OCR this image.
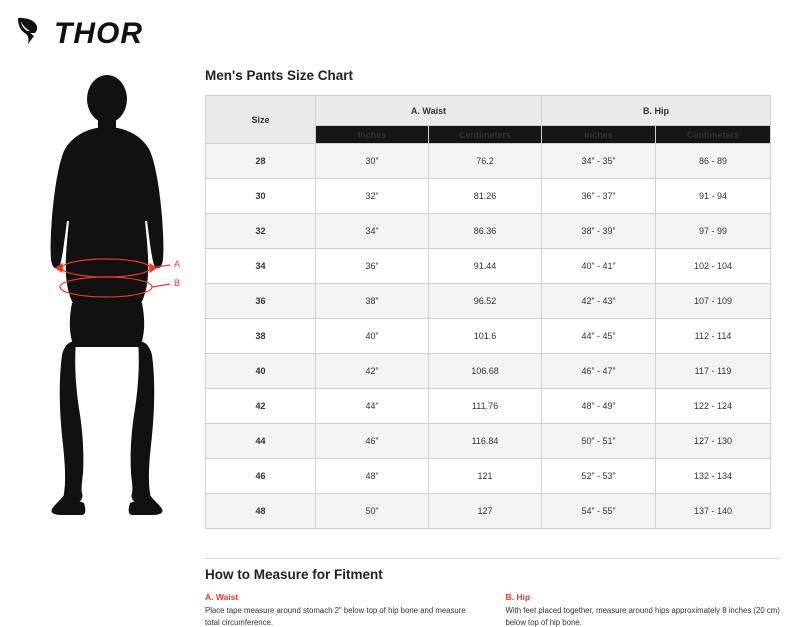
THOR
A
B
Men's Pants Size Chart
Size	A. Waist		B. Hip	
	Inches	Centimeters	Inches	Centimeters
28	30”	76.2	34” - 35”	86 - 89
30	32”	81.26	36” - 37”	91 - 94
32	34”	86.36	38” - 39”	97 - 99
34	36”	91.44	40” - 41”	102 - 104
36	38”	96.52	42” - 43”	107 - 109
38	40”	101.6	44” - 45”	112 - 114
40	42”	106.68	46” - 47”	117 - 119
42	44”	111.76	48” - 49”	122 - 124
44	46”	116.84	50” - 51”	127 - 130
46	48”	121	52” - 53”	132 - 134
48	50”	127	54” - 55”	137 - 140
How to Measure for Fitment
A. Waist
Place tape measure around stomach 2" below top of hip bone and measure total circumference.
B. Hip
With feet placed together, measure around hips approximately 8 inches (20 cm) below top of hip bone.
